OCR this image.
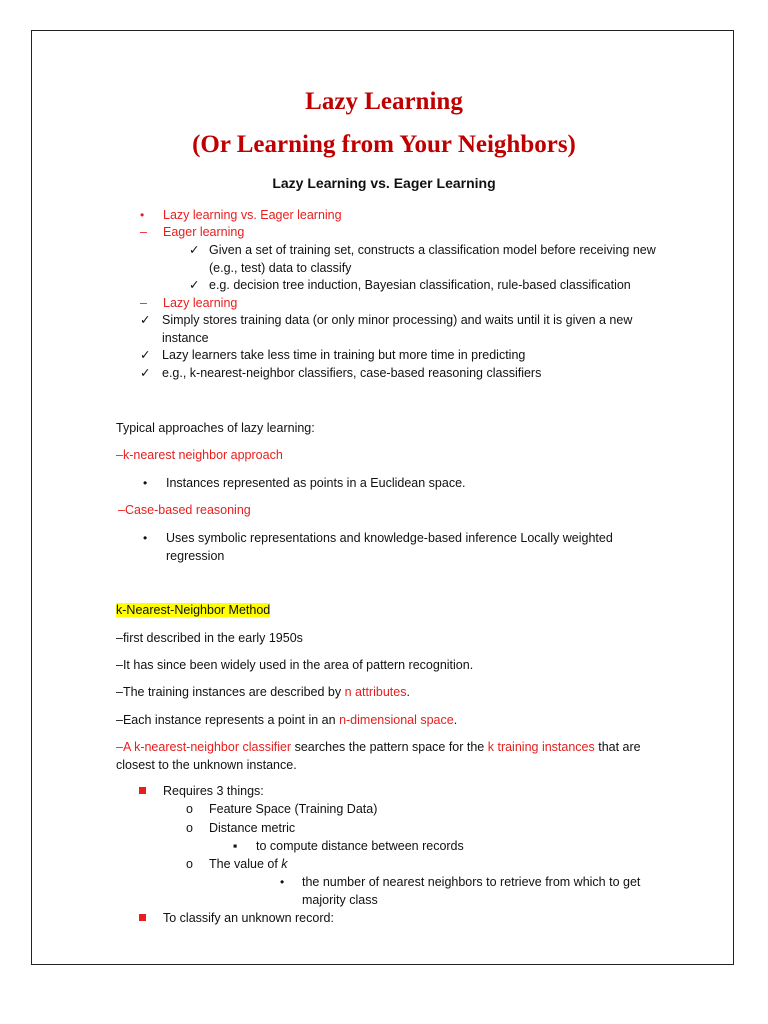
Lazy Learning
(Or Learning from Your Neighbors)
Lazy Learning vs. Eager Learning
• Lazy learning vs. Eager learning
– Eager learning
✓ Given a set of training set, constructs a classification model before receiving new
(e.g., test) data to classify
✓ e.g. decision tree induction, Bayesian classification, rule-based classification
– Lazy learning
✓ Simply stores training data (or only minor processing) and waits until it is given a new
instance
✓ Lazy learners take less time in training but more time in predicting
✓ e.g., k-nearest-neighbor classifiers, case-based reasoning classifiers
Typical approaches of lazy learning:
–k-nearest neighbor approach
• Instances represented as points in a Euclidean space.
–Case-based reasoning
• Uses symbolic representations and knowledge-based inference Locally weighted
regression
k-Nearest-Neighbor Method
–first described in the early 1950s
–It has since been widely used in the area of pattern recognition.
–The training instances are described by n attributes.
–Each instance represents a point in an n-dimensional space.
–A k-nearest-neighbor classifier searches the pattern space for the k training instances that are
closest to the unknown instance.
Requires 3 things:
o Feature Space (Training Data)
o Distance metric
▪ to compute distance between records
o The value of k
• the number of nearest neighbors to retrieve from which to get
majority class
To classify an unknown record:
